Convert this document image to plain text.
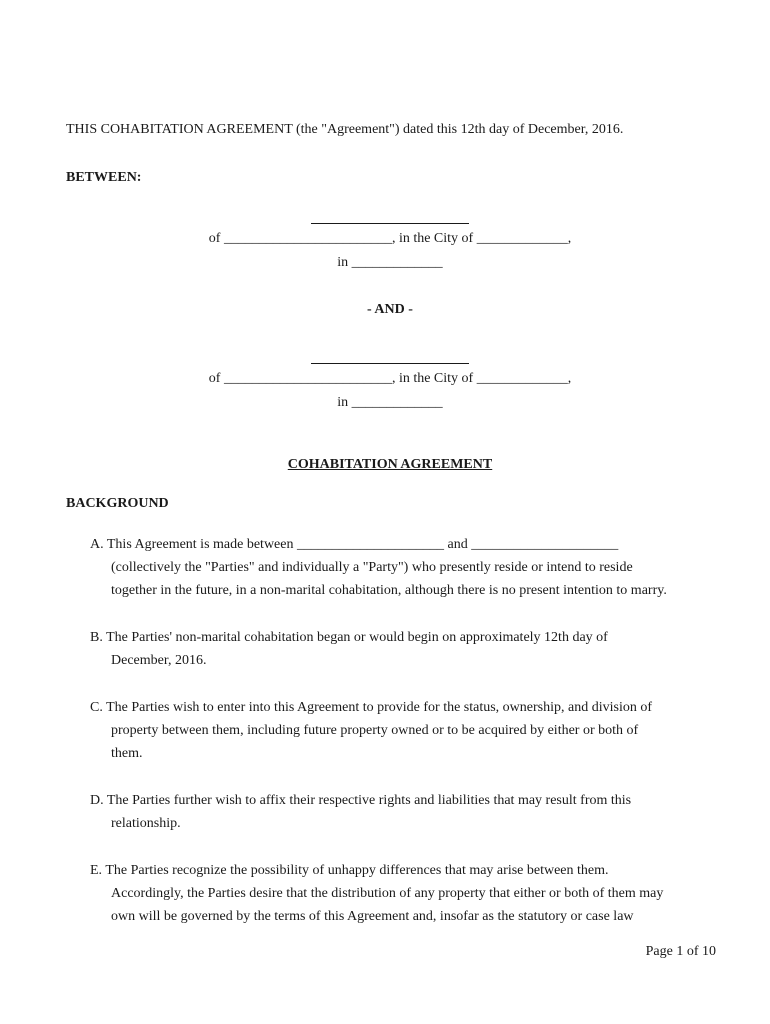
THIS COHABITATION AGREEMENT (the "Agreement") dated this 12th day of December, 2016.
BETWEEN:
of ________________________, in the City of _____________,
in _____________
- AND -
of ________________________, in the City of _____________,
in _____________
COHABITATION AGREEMENT
BACKGROUND
A. This Agreement is made between _____________________ and _____________________
(collectively the "Parties" and individually a "Party") who presently reside or intend to reside
together in the future, in a non-marital cohabitation, although there is no present intention to marry.
B. The Parties' non-marital cohabitation began or would begin on approximately 12th day of
December, 2016.
C. The Parties wish to enter into this Agreement to provide for the status, ownership, and division of
property between them, including future property owned or to be acquired by either or both of
them.
D. The Parties further wish to affix their respective rights and liabilities that may result from this
relationship.
E. The Parties recognize the possibility of unhappy differences that may arise between them.
Accordingly, the Parties desire that the distribution of any property that either or both of them may
own will be governed by the terms of this Agreement and, insofar as the statutory or case law
Page 1 of 10
